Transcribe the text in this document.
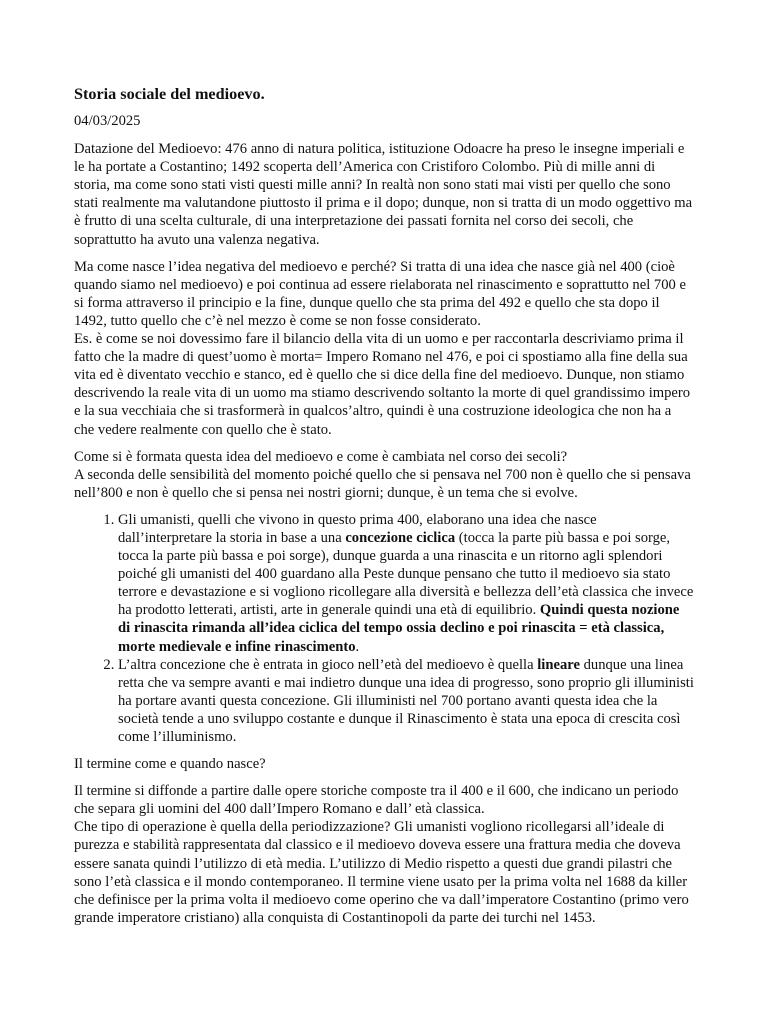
Storia sociale del medioevo.
04/03/2025

Datazione del Medioevo: 476 anno di natura politica, istituzione Odoacre ha preso le insegne imperiali e le ha portate a Costantino; 1492 scoperta dell’America con Cristiforo Colombo. Più di mille anni di storia, ma come sono stati visti questi mille anni? In realtà non sono stati mai visti per quello che sono stati realmente ma valutandone piuttosto il prima e il dopo; dunque, non si tratta di un modo oggettivo ma è frutto di una scelta culturale, di una interpretazione dei passati fornita nel corso dei secoli, che soprattutto ha avuto una valenza negativa.

Ma come nasce l’idea negativa del medioevo e perché? Si tratta di una idea che nasce già nel 400 (cioè quando siamo nel medioevo) e poi continua ad essere rielaborata nel rinascimento e soprattutto nel 700 e si forma attraverso il principio e la fine, dunque quello che sta prima del 492 e quello che sta dopo il 1492, tutto quello che c’è nel mezzo è come se non fosse considerato.
Es. è come se noi dovessimo fare il bilancio della vita di un uomo e per raccontarla descriviamo prima il fatto che la madre di quest’uomo è morta= Impero Romano nel 476, e poi ci spostiamo alla fine della sua vita ed è diventato vecchio e stanco, ed è quello che si dice della fine del medioevo. Dunque, non stiamo descrivendo la reale vita di un uomo ma stiamo descrivendo soltanto la morte di quel grandissimo impero e la sua vecchiaia che si trasformerà in qualcos’altro, quindi è una costruzione ideologica che non ha a che vedere realmente con quello che è stato.

Come si è formata questa idea del medioevo e come è cambiata nel corso dei secoli?
A seconda delle sensibilità del momento poiché quello che si pensava nel 700 non è quello che si pensava nell’800 e non è quello che si pensa nei nostri giorni; dunque, è un tema che si evolve.

1. Gli umanisti, quelli che vivono in questo prima 400, elaborano una idea che nasce dall’interpretare la storia in base a una concezione ciclica (tocca la parte più bassa e poi sorge, tocca la parte più bassa e poi sorge), dunque guarda a una rinascita e un ritorno agli splendori poiché gli umanisti del 400 guardano alla Peste dunque pensano che tutto il medioevo sia stato terrore e devastazione e si vogliono ricollegare alla diversità e bellezza dell’età classica che invece ha prodotto letterati, artisti, arte in generale quindi una età di equilibrio. Quindi questa nozione di rinascita rimanda all’idea ciclica del tempo ossia declino e poi rinascita = età classica, morte medievale e infine rinascimento.
2. L’altra concezione che è entrata in gioco nell’età del medioevo è quella lineare dunque una linea retta che va sempre avanti e mai indietro dunque una idea di progresso, sono proprio gli illuministi ha portare avanti questa concezione. Gli illuministi nel 700 portano avanti questa idea che la società tende a uno sviluppo costante e dunque il Rinascimento è stata una epoca di crescita così come l’illuminismo.

Il termine come e quando nasce?

Il termine si diffonde a partire dalle opere storiche composte tra il 400 e il 600, che indicano un periodo che separa gli uomini del 400 dall’Impero Romano e dall’ età classica.
Che tipo di operazione è quella della periodizzazione? Gli umanisti vogliono ricollegarsi all’ideale di purezza e stabilità rappresentata dal classico e il medioevo doveva essere una frattura media che doveva essere sanata quindi l’utilizzo di età media. L’utilizzo di Medio rispetto a questi due grandi pilastri che sono l’età classica e il mondo contemporaneo. Il termine viene usato per la prima volta nel 1688 da killer che definisce per la prima volta il medioevo come operino che va dall’imperatore Costantino (primo vero grande imperatore cristiano) alla conquista di Costantinopoli da parte dei turchi nel 1453.
